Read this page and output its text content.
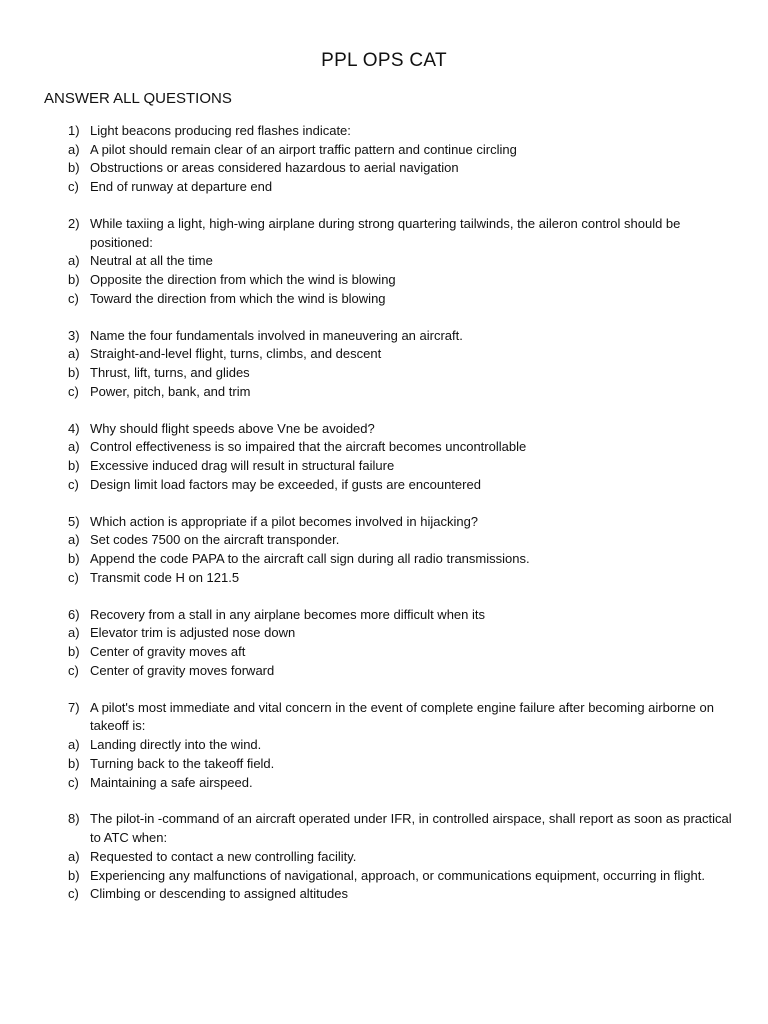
PPL OPS CAT
ANSWER ALL QUESTIONS
1) Light beacons producing red flashes indicate:
a) A pilot should remain clear of an airport traffic pattern and continue circling
b) Obstructions or areas considered hazardous to aerial navigation
c) End of runway at departure end
2) While taxiing a light, high-wing airplane during strong quartering tailwinds, the aileron control should be positioned:
a) Neutral at all the time
b) Opposite the direction from which the wind is blowing
c) Toward the direction from which the wind is blowing
3) Name the four fundamentals involved in maneuvering an aircraft.
a) Straight-and-level flight, turns, climbs, and descent
b) Thrust, lift, turns, and glides
c) Power, pitch, bank, and trim
4) Why should flight speeds above Vne be avoided?
a) Control effectiveness is so impaired that the aircraft becomes uncontrollable
b) Excessive induced drag will result in structural failure
c) Design limit load factors may be exceeded, if gusts are encountered
5) Which action is appropriate if a pilot becomes involved in hijacking?
a) Set codes 7500 on the aircraft transponder.
b) Append the code PAPA to the aircraft call sign during all radio transmissions.
c) Transmit code H on 121.5
6) Recovery from a stall in any airplane becomes more difficult when its
a) Elevator trim is adjusted nose down
b) Center of gravity moves aft
c) Center of gravity moves forward
7) A pilot's most immediate and vital concern in the event of complete engine failure after becoming airborne on takeoff is:
a) Landing directly into the wind.
b) Turning back to the takeoff field.
c) Maintaining a safe airspeed.
8) The pilot-in -command of an aircraft operated under IFR, in controlled airspace, shall report as soon as practical to ATC when:
a) Requested to contact a new controlling facility.
b) Experiencing any malfunctions of navigational, approach, or communications equipment, occurring in flight.
c) Climbing or descending to assigned altitudes
